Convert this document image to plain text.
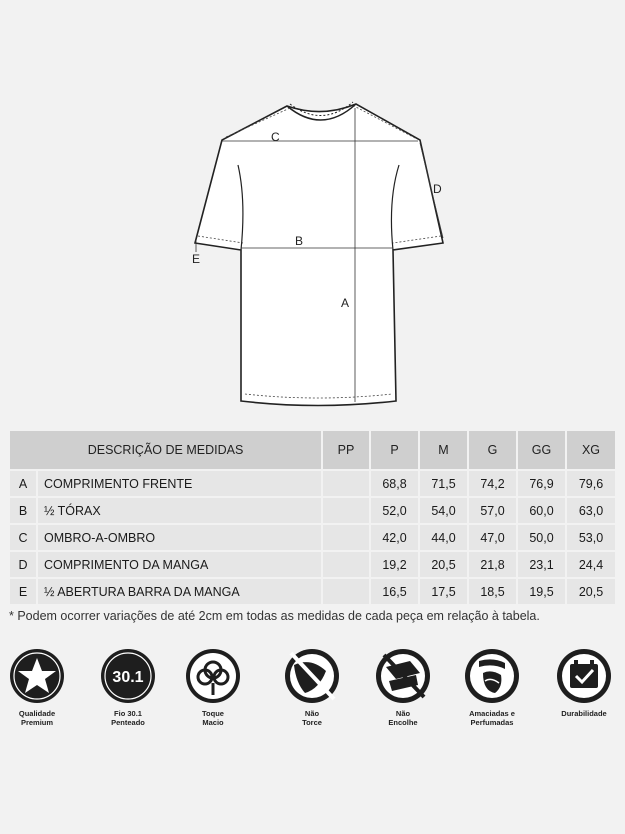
C
B
A
D
E
DESCRIÇÃO DE MEDIDAS		PP	P	M	G	GG	XG
A	COMPRIMENTO FRENTE		68,8	71,5	74,2	76,9	79,6
B	½ TÓRAX		52,0	54,0	57,0	60,0	63,0
C	OMBRO-A-OMBRO		42,0	44,0	47,0	50,0	53,0
D	COMPRIMENTO DA MANGA		19,2	20,5	21,8	23,1	24,4
E	½ ABERTURA BARRA DA MANGA		16,5	17,5	18,5	19,5	20,5
* Podem ocorrer variações de até 2cm em todas as medidas de cada peça em relação à tabela.
Qualidade
Premium
30.1
Fio 30.1
Penteado
Toque
Macio
Não
Torce
Não
Encolhe
Amaciadas e
Perfumadas
Durabilidade
